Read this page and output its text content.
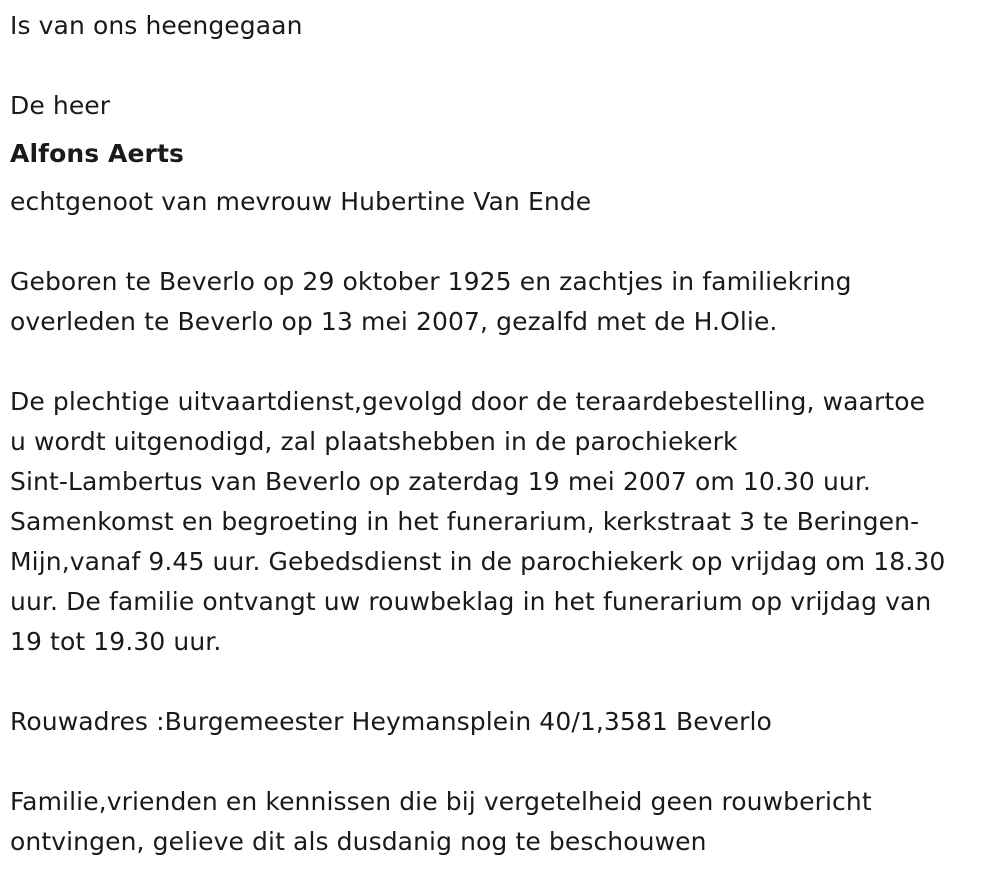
Is van ons heengegaan
De heer
Alfons Aerts
echtgenoot van mevrouw Hubertine Van Ende
Geboren te Beverlo op 29 oktober 1925 en zachtjes in familiekring
overleden te Beverlo op 13 mei 2007, gezalfd met de H.Olie.
De plechtige uitvaartdienst,gevolgd door de teraardebestelling, waartoe
u wordt uitgenodigd, zal plaatshebben in de parochiekerk
Sint-Lambertus van Beverlo op zaterdag 19 mei 2007 om 10.30 uur.
Samenkomst en begroeting in het funerarium, kerkstraat 3 te Beringen-
Mijn,vanaf 9.45 uur. Gebedsdienst in de parochiekerk op vrijdag om 18.30
uur. De familie ontvangt uw rouwbeklag in het funerarium op vrijdag van
19 tot 19.30 uur.
Rouwadres :Burgemeester Heymansplein 40/1,3581 Beverlo
Familie,vrienden en kennissen die bij vergetelheid geen rouwbericht
ontvingen, gelieve dit als dusdanig nog te beschouwen
